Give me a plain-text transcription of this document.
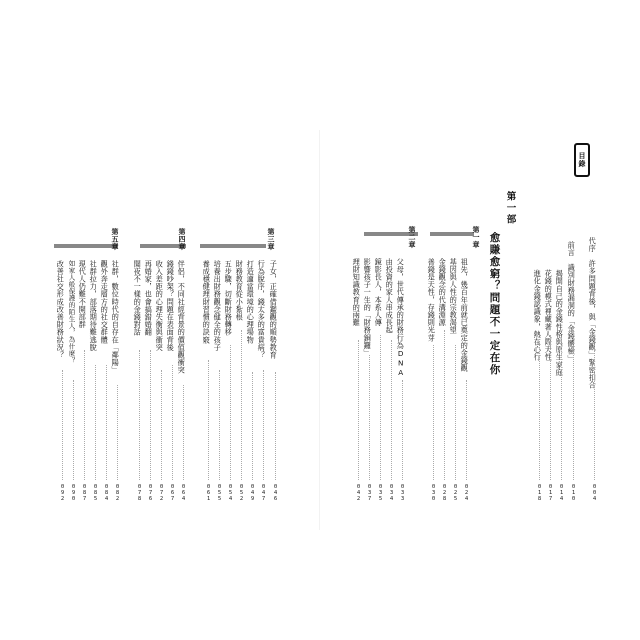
目錄
代序　許多問題背後，與「金錢觀」緊密扣合
004
前言　識別財務漏洞的「金錢體檢」
010
　　　揭開自己的金錢性格與原生家庭
014
　　　花錢的模式裡藏著人際天性
017
　　　進化金錢認識象，熱在心行
018
第一部
愈賺愈窮？問題不一定在你
第一章
祖先，幾百年前就已奠定的金錢觀
024
基因與人性的宗教渴望
025
金錢觀念的代溝淵源
028
善錢是天性，存錢則光芽
030
第二章
父母，世代傳承的財務行為DNA
033
由投資的家人串成長起
034
鏡影長人，本系人傳
035
影響孩子一生的「財務銅鑼」
037
理財知識教育的兩難
042
第三章
子女，正確借鑑觀的順勢教育
046
行為脫序，錢太多的富貴病？
047
打造適當環境的心理場物
049
財務教育從小紮根
052
五步驟，切斷財務轉移
054
培養出財務觀念健全的孩子
055
養成穩健理財習慣的訣竅
061
第四章
伴侶，不同社經背景的價值觀衝突
064
錢錢吵架？問題在表面背後
067
收入差距的心理失衡與衝突
072
再婚家，也會搞錯婚翻
076
聞夜不一樣的金錢對話
078
第五章
社群，數位時代的自存在「鄰陽」
082
觀外奔走層方的社交群體
084
社群拉力，部落期待難逃脫
085
現代人仍難不開部群
087
如家人般保護的陌生人，為什麼？
090
改善社交形成改善財務狀況？
092
